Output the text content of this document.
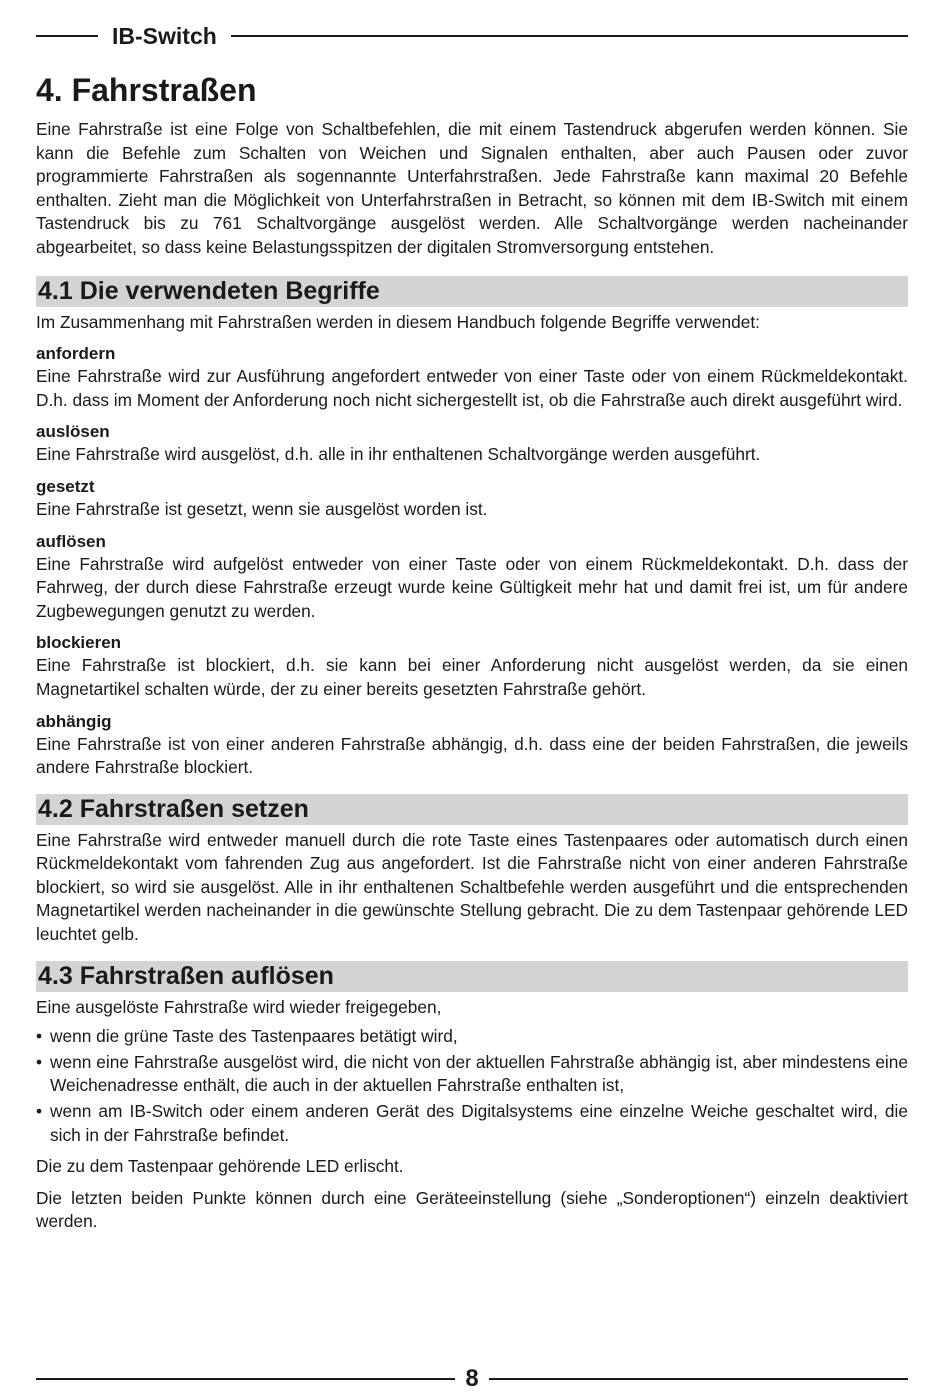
IB-Switch
4. Fahrstraßen

Eine Fahrstraße ist eine Folge von Schaltbefehlen, die mit einem Tastendruck abgerufen werden können. Sie kann die Befehle zum Schalten von Weichen und Signalen enthalten, aber auch Pausen oder zuvor programmierte Fahrstraßen als sogennannte Unterfahrstraßen. Jede Fahrstraße kann maximal 20 Befehle enthalten. Zieht man die Möglichkeit von Unterfahrstraßen in Betracht, so können mit dem IB-Switch mit einem Tastendruck bis zu 761 Schaltvorgänge ausgelöst werden. Alle Schaltvorgänge werden nacheinander abgearbeitet, so dass keine Belastungsspitzen der digitalen Stromversorgung entstehen.

4.1 Die verwendeten Begriffe

Im Zusammenhang mit Fahrstraßen werden in diesem Handbuch folgende Begriffe verwendet:

anfordern

Eine Fahrstraße wird zur Ausführung angefordert entweder von einer Taste oder von einem Rückmeldekontakt. D.h. dass im Moment der Anforderung noch nicht sichergestellt ist, ob die Fahrstraße auch direkt ausgeführt wird.

auslösen

Eine Fahrstraße wird ausgelöst, d.h. alle in ihr enthaltenen Schaltvorgänge werden ausgeführt.

gesetzt

Eine Fahrstraße ist gesetzt, wenn sie ausgelöst worden ist.

auflösen

Eine Fahrstraße wird aufgelöst entweder von einer Taste oder von einem Rückmeldekontakt. D.h. dass der Fahrweg, der durch diese Fahrstraße erzeugt wurde keine Gültigkeit mehr hat und damit frei ist, um für andere Zugbewegungen genutzt zu werden.

blockieren

Eine Fahrstraße ist blockiert, d.h. sie kann bei einer Anforderung nicht ausgelöst werden, da sie einen Magnetartikel schalten würde, der zu einer bereits gesetzten Fahrstraße gehört.

abhängig

Eine Fahrstraße ist von einer anderen Fahrstraße abhängig, d.h. dass eine der beiden Fahrstraßen, die jeweils andere Fahrstraße blockiert.

4.2 Fahrstraßen setzen

Eine Fahrstraße wird entweder manuell durch die rote Taste eines Tastenpaares oder automatisch durch einen Rückmeldekontakt vom fahrenden Zug aus angefordert. Ist die Fahrstraße nicht von einer anderen Fahrstraße blockiert, so wird sie ausgelöst. Alle in ihr enthaltenen Schaltbefehle werden ausgeführt und die entsprechenden Magnetartikel werden nacheinander in die gewünschte Stellung gebracht. Die zu dem Tastenpaar gehörende LED leuchtet gelb.

4.3 Fahrstraßen auflösen

Eine ausgelöste Fahrstraße wird wieder freigegeben,

• wenn die grüne Taste des Tastenpaares betätigt wird,
• wenn eine Fahrstraße ausgelöst wird, die nicht von der aktuellen Fahrstraße abhängig ist, aber mindestens eine Weichenadresse enthält, die auch in der aktuellen Fahrstraße enthalten ist,
• wenn am IB-Switch oder einem anderen Gerät des Digitalsystems eine einzelne Weiche geschaltet wird, die sich in der Fahrstraße befindet.

Die zu dem Tastenpaar gehörende LED erlischt.

Die letzten beiden Punkte können durch eine Geräteeinstellung (siehe „Sonderoptionen“) einzeln deaktiviert werden.

8
